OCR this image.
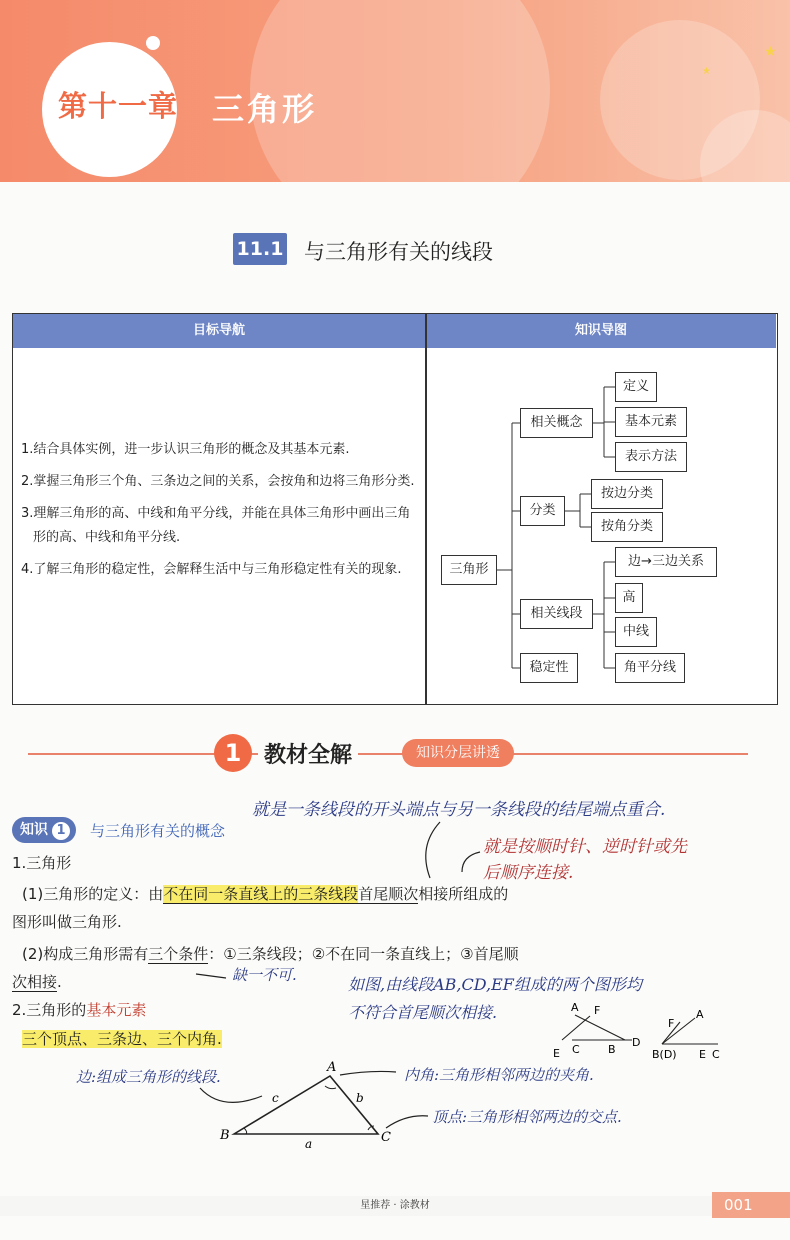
★
★
第十一章 三角形
11.1 与三角形有关的线段
目标导航	知识导图

1.结合具体实例，进一步认识三角形的概念及其基本元素.

2.掌握三角形三个角、三条边之间的关系，会按角和边将三角形分类.

3.理解三角形的高、中线和角平分线，并能在具体三角形中画出三角形的高、中线和角平分线.

4.了解三角形的稳定性，会解释生活中与三角形稳定性有关的现象.	三角形
相关概念
分类
相关线段
稳定性
定义
基本元素
表示方法
按边分类
按角分类
边→三边关系
高
中线
角平分线
1	教材全解	知识分层讲透
知识 1	与三角形有关的概念
1.三角形
(1)三角形的定义：由不在同一条直线上的三条线段首尾顺次相接所组成的
图形叫做三角形.
(2)构成三角形需有三个条件：①三条线段；②不在同一条直线上；③首尾顺
次相接.
2.三角形的基本元素
三个顶点、三条边、三个内角.
就是一条线段的开头端点与另一条线段的结尾端点重合.
就是按顺时针、逆时针或先
后顺序连接.
缺一不可.	如图,由线段AB,CD,EF组成的两个图形均
不符合首尾顺次相接.
边:组成三角形的线段.	内角:三角形相邻两边的夹角.
顶点:三角形相邻两边的交点.
A
B	C
a
b
c
A F
E C	B
D
F
A
B(D) E C
星推荐 · 涂教材	001
